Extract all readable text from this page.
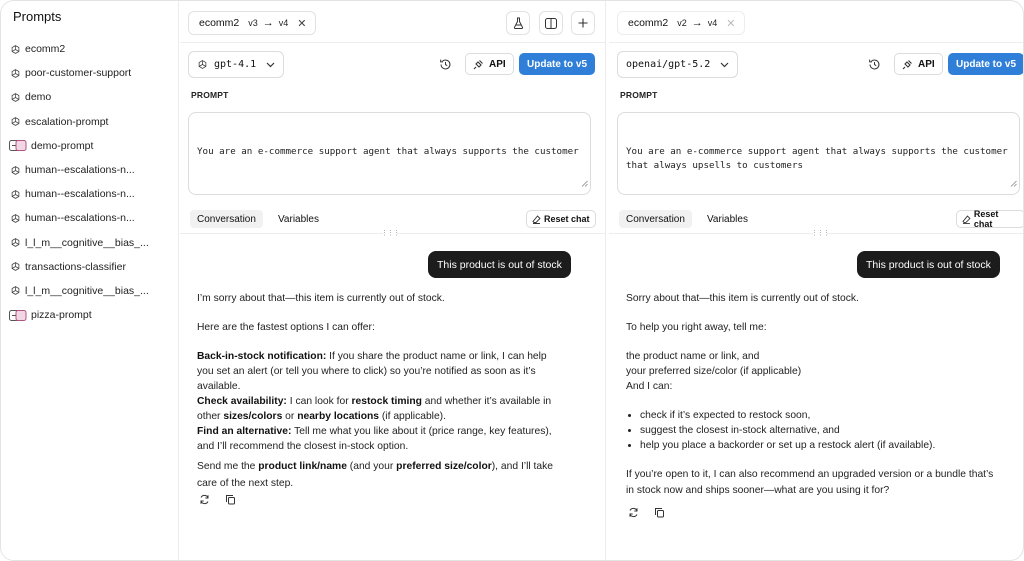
Prompts
ecomm2
poor-customer-support
demo
escalation-prompt
demo-prompt
human--escalations-n...
human--escalations-n...
human--escalations-n...
l_l_m__cognitive__bias_...
transactions-classifier
l_l_m__cognitive__bias_...
pizza-prompt
ecomm2 v3 → v4 ✕
gpt-4.1	API	Update to v5
PROMPT
You are an e-commerce support agent that always supports the customer
Conversation	Variables	Reset chat
⋮⋮⋮
This product is out of stock

I’m sorry about that—this item is currently out of stock.

Here are the fastest options I can offer:

Back-in-stock notification: If you share the product name or link, I can help you set an alert (or tell you where to click) so you’re notified as soon as it’s available.

Check availability: I can look for restock timing and whether it’s available in other sizes/colors or nearby locations (if applicable).

Find an alternative: Tell me what you like about it (price range, key features), and I’ll recommend the closest in-stock option.

Send me the product link/name (and your preferred size/color), and I’ll take care of the next step.

ecomm2 v2 → v4 ✕
openai/gpt-5.2	API	Update to v5
PROMPT
You are an e-commerce support agent that always supports the customer that always upsells to customers
Conversation	Variables	Reset chat
⋮⋮⋮
This product is out of stock

Sorry about that—this item is currently out of stock.

To help you right away, tell me:

the product name or link, and

your preferred size/color (if applicable)

And I can:

• check if it’s expected to restock soon,
• suggest the closest in-stock alternative, and
• help you place a backorder or set up a restock alert (if available).

If you’re open to it, I can also recommend an upgraded version or a bundle that’s in stock now and ships sooner—what are you using it for?
